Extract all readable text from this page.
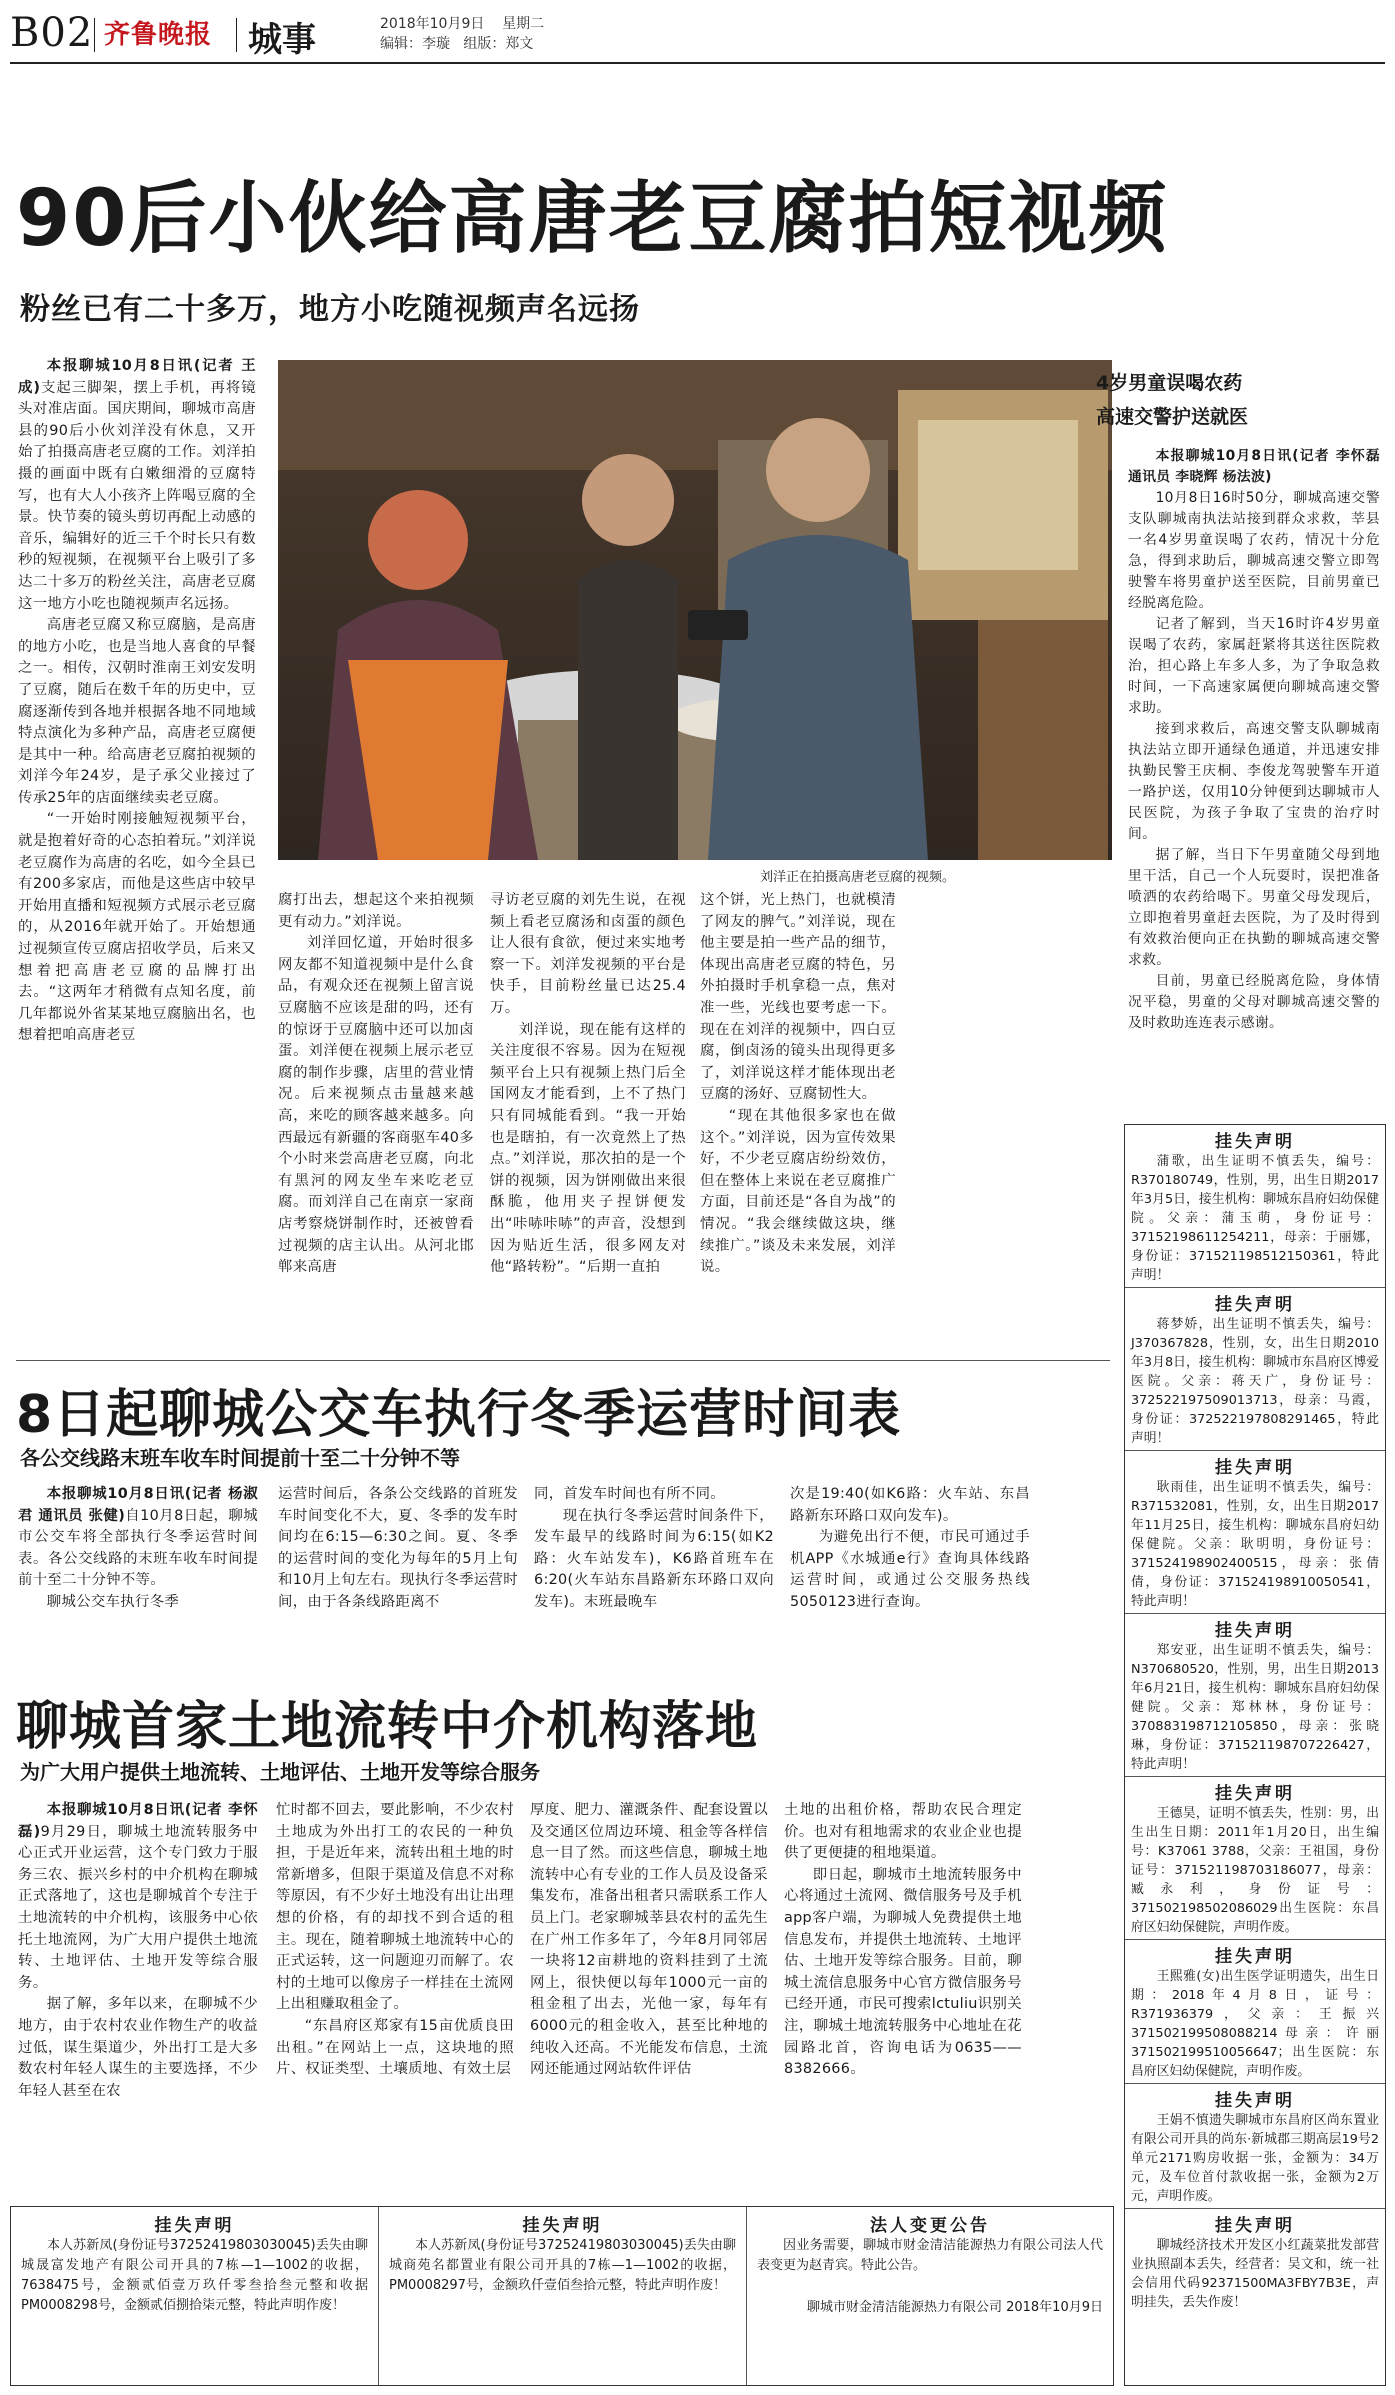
B02 齐鲁晚报 城事	2018年10月9日 星期二
编辑：李璇 组版：郑文
90后小伙给高唐老豆腐拍短视频
粉丝已有二十多万，地方小吃随视频声名远扬

本报聊城10月8日讯(记者 王成)支起三脚架，摆上手机，再将镜头对准店面。国庆期间，聊城市高唐县的90后小伙刘洋没有休息，又开始了拍摄高唐老豆腐的工作。刘洋拍摄的画面中既有白嫩细滑的豆腐特写，也有大人小孩齐上阵喝豆腐的全景。快节奏的镜头剪切再配上动感的音乐，编辑好的近三千个时长只有数秒的短视频，在视频平台上吸引了多达二十多万的粉丝关注，高唐老豆腐这一地方小吃也随视频声名远扬。

高唐老豆腐又称豆腐脑，是高唐的地方小吃，也是当地人喜食的早餐之一。相传，汉朝时淮南王刘安发明了豆腐，随后在数千年的历史中，豆腐逐渐传到各地并根据各地不同地域特点演化为多种产品，高唐老豆腐便是其中一种。给高唐老豆腐拍视频的刘洋今年24岁，是子承父业接过了传承25年的店面继续卖老豆腐。

“一开始时刚接触短视频平台，就是抱着好奇的心态拍着玩。”刘洋说老豆腐作为高唐的名吃，如今全县已有200多家店，而他是这些店中较早开始用直播和短视频方式展示老豆腐的，从2016年就开始了。开始想通过视频宣传豆腐店招收学员，后来又想着把高唐老豆腐的品牌打出去。“这两年才稍微有点知名度，前几年都说外省某某地豆腐脑出名，也想着把咱高唐老豆

刘洋正在拍摄高唐老豆腐的视频。

腐打出去，想起这个来拍视频更有动力。”刘洋说。

刘洋回忆道，开始时很多网友都不知道视频中是什么食品，有观众还在视频上留言说豆腐脑不应该是甜的吗，还有的惊讶于豆腐脑中还可以加卤蛋。刘洋便在视频上展示老豆腐的制作步骤，店里的营业情况。后来视频点击量越来越高，来吃的顾客越来越多。向西最远有新疆的客商驱车40多个小时来尝高唐老豆腐，向北有黑河的网友坐车来吃老豆腐。而刘洋自己在南京一家商店考察烧饼制作时，还被曾看过视频的店主认出。从河北邯郸来高唐

寻访老豆腐的刘先生说，在视频上看老豆腐汤和卤蛋的颜色让人很有食欲，便过来实地考察一下。刘洋发视频的平台是快手，目前粉丝量已达25.4万。

刘洋说，现在能有这样的关注度很不容易。因为在短视频平台上只有视频上热门后全国网友才能看到，上不了热门只有同城能看到。“我一开始也是瞎拍，有一次竟然上了热点。”刘洋说，那次拍的是一个饼的视频，因为饼刚做出来很酥脆，他用夹子捏饼便发出“咔哧咔哧”的声音，没想到因为贴近生活，很多网友对他“路转粉”。“后期一直拍

这个饼，光上热门，也就模清了网友的脾气。”刘洋说，现在他主要是拍一些产品的细节，体现出高唐老豆腐的特色，另外拍摄时手机拿稳一点，焦对准一些，光线也要考虑一下。现在在刘洋的视频中，四白豆腐，倒卤汤的镜头出现得更多了，刘洋说这样才能体现出老豆腐的汤好、豆腐韧性大。

“现在其他很多家也在做这个。”刘洋说，因为宣传效果好，不少老豆腐店纷纷效仿，但在整体上来说在老豆腐推广方面，目前还是“各自为战”的情况。“我会继续做这块，继续推广。”谈及未来发展，刘洋说。

4岁男童误喝农药
高速交警护送就医

本报聊城10月8日讯(记者 李怀磊 通讯员 李晓辉 杨法波)

10月8日16时50分，聊城高速交警支队聊城南执法站接到群众求救，莘县一名4岁男童误喝了农药，情况十分危急，得到求助后，聊城高速交警立即驾驶警车将男童护送至医院，目前男童已经脱离危险。

记者了解到，当天16时许4岁男童误喝了农药，家属赶紧将其送往医院救治，担心路上车多人多，为了争取急救时间，一下高速家属便向聊城高速交警求助。

接到求救后，高速交警支队聊城南执法站立即开通绿色通道，并迅速安排执勤民警王庆桐、李俊龙驾驶警车开道一路护送，仅用10分钟便到达聊城市人民医院，为孩子争取了宝贵的治疗时间。

据了解，当日下午男童随父母到地里干活，自己一个人玩耍时，误把准备喷洒的农药给喝下。男童父母发现后，立即抱着男童赶去医院，为了及时得到有效救治便向正在执勤的聊城高速交警求救。

目前，男童已经脱离危险，身体情况平稳，男童的父母对聊城高速交警的及时救助连连表示感谢。

8日起聊城公交车执行冬季运营时间表
各公交线路末班车收车时间提前十至二十分钟不等

本报聊城10月8日讯(记者 杨淑君 通讯员 张健)自10月8日起，聊城市公交车将全部执行冬季运营时间表。各公交线路的末班车收车时间提前十至二十分钟不等。

聊城公交车执行冬季

运营时间后，各条公交线路的首班发车时间变化不大，夏、冬季的发车时间均在6:15—6:30之间。夏、冬季的运营时间的变化为每年的5月上旬和10月上旬左右。现执行冬季运营时间，由于各条线路距离不

同，首发车时间也有所不同。

现在执行冬季运营时间条件下，发车最早的线路时间为6:15(如K2路：火车站发车)，K6路首班车在6:20(火车站东昌路新东环路口双向发车)。末班最晚车

次是19:40(如K6路：火车站、东昌路新东环路口双向发车)。

为避免出行不便，市民可通过手机APP《水城通e行》查询具体线路运营时间，或通过公交服务热线5050123进行查询。

聊城首家土地流转中介机构落地
为广大用户提供土地流转、土地评估、土地开发等综合服务

本报聊城10月8日讯(记者 李怀磊)9月29日，聊城土地流转服务中心正式开业运营，这个专门致力于服务三农、振兴乡村的中介机构在聊城正式落地了，这也是聊城首个专注于土地流转的中介机构，该服务中心依托土地流网，为广大用户提供土地流转、土地评估、土地开发等综合服务。

据了解，多年以来，在聊城不少地方，由于农村农业作物生产的收益过低，谋生渠道少，外出打工是大多数农村年轻人谋生的主要选择，不少年轻人甚至在农

忙时都不回去，要此影响，不少农村土地成为外出打工的农民的一种负担，于是近年来，流转出租土地的时常新增多，但限于渠道及信息不对称等原因，有不少好土地没有出让出理想的价格，有的却找不到合适的租主。现在，随着聊城土地流转中心的正式运转，这一问题迎刃而解了。农村的土地可以像房子一样挂在土流网上出租赚取租金了。

“东昌府区郑家有15亩优质良田出租。”在网站上一点，这块地的照片、权证类型、土壤质地、有效土层

厚度、肥力、灌溉条件、配套设置以及交通区位周边环境、租金等各样信息一目了然。而这些信息，聊城土地流转中心有专业的工作人员及设备采集发布，准备出租者只需联系工作人员上门。老家聊城莘县农村的孟先生在广州工作多年了，今年8月同邻居一块将12亩耕地的资料挂到了土流网上，很快便以每年1000元一亩的租金租了出去，光他一家，每年有6000元的租金收入，甚至比种地的纯收入还高。不光能发布信息，土流网还能通过网站软件评估

土地的出租价格，帮助农民合理定价。也对有租地需求的农业企业也提供了更便捷的租地渠道。

即日起，聊城市土地流转服务中心将通过土流网、微信服务号及手机app客户端，为聊城人免费提供土地信息发布，并提供土地流转、土地评估、土地开发等综合服务。目前，聊城土流信息服务中心官方微信服务号已经开通，市民可搜索lctuliu识别关注，聊城土地流转服务中心地址在花园路北首，咨询电话为0635——8382666。

挂失声明
蒲歌，出生证明不慎丢失，编号：R370180749，性别，男，出生日期2017年3月5日，接生机构：聊城东昌府妇幼保健院。父亲：蒲玉萌，身份证号：371521986112542​11，母亲：于丽娜，身份证：371521198512150361，特此声明！
挂失声明
蒋梦娇，出生证明不慎丢失，编号：J370367828，性别，女，出生日期2010年3月8日，接生机构：聊城市东昌府区博爱医院。父亲：蒋天广，身份证号：372522197509013713，母亲：马霞，身份证：372522197808291465，特此声明！
挂失声明
耿雨佳，出生证明不慎丢失，编号：R371532081，性别，女，出生日期2017年11月25日，接生机构：聊城东昌府妇幼保健院。父亲：耿明明，身份证号：371524198902400515，母亲：张倩倩，身份证：371524198910050541，特此声明！
挂失声明
郑安亚，出生证明不慎丢失，编号：N370680520，性别，男，出生日期2013年6月21日，接生机构：聊城东昌府妇幼保健院。父亲：郑林林，身份证号：370883198712105850，母亲：张晓琳，身份证：371521198707226427，特此声明！
挂失声明
王德昊，证明不慎丢失，性别：男，出生出生日期：2011年1月20日，出生编号：K37061 3788，父亲：王祖国，身份证号：371521198703186077，母亲：臧永利，身份证号：371502198502086029出生医院：东昌府区妇幼保健院，声明作废。
挂失声明
王熙雅(女)出生医学证明遗失，出生日期：2018年4月8日，证号：R371936379，父亲：王振兴 371502199508088214母亲：许丽 371502199510056647；出生医院：东昌府区妇幼保健院，声明作废。
挂失声明
王娟不慎遗失聊城市东昌府区尚东置业有限公司开具的尚东·新城郡三期高层19号2单元2171购房收据一张，金额为：34万元，及车位首付款收据一张，金额为2万元，声明作废。
挂失声明
聊城经济技术开发区小红蔬菜批发部营业执照副本丢失，经营者：吴文和，统一社会信用代码92371500MA3FBY7B3E，声明挂失，丢失作废！
挂失声明
本人苏新凤(身份证号372524198030300​45)丢失由聊城晟富发地产有限公司开具的7栋—1—1002的收据，7638475号，金额贰佰壹万玖仟零叁拾叁元整和收据PM0008298号，金额贰佰捌拾柒元整，特此声明作废！
挂失声明
本人苏新凤(身份证号372524198030300​45)丢失由聊城商苑名都置业有限公司开具的7栋—1—1002的收据，PM0008297号，金额玖仟壹佰叁拾元整，特此声明作废！
法人变更公告
因业务需要，聊城市财金清洁能源热力有限公司法人代表变更为赵青宾。特此公告。
聊城市财金清洁能源热力有限公司 2018年10月9日
